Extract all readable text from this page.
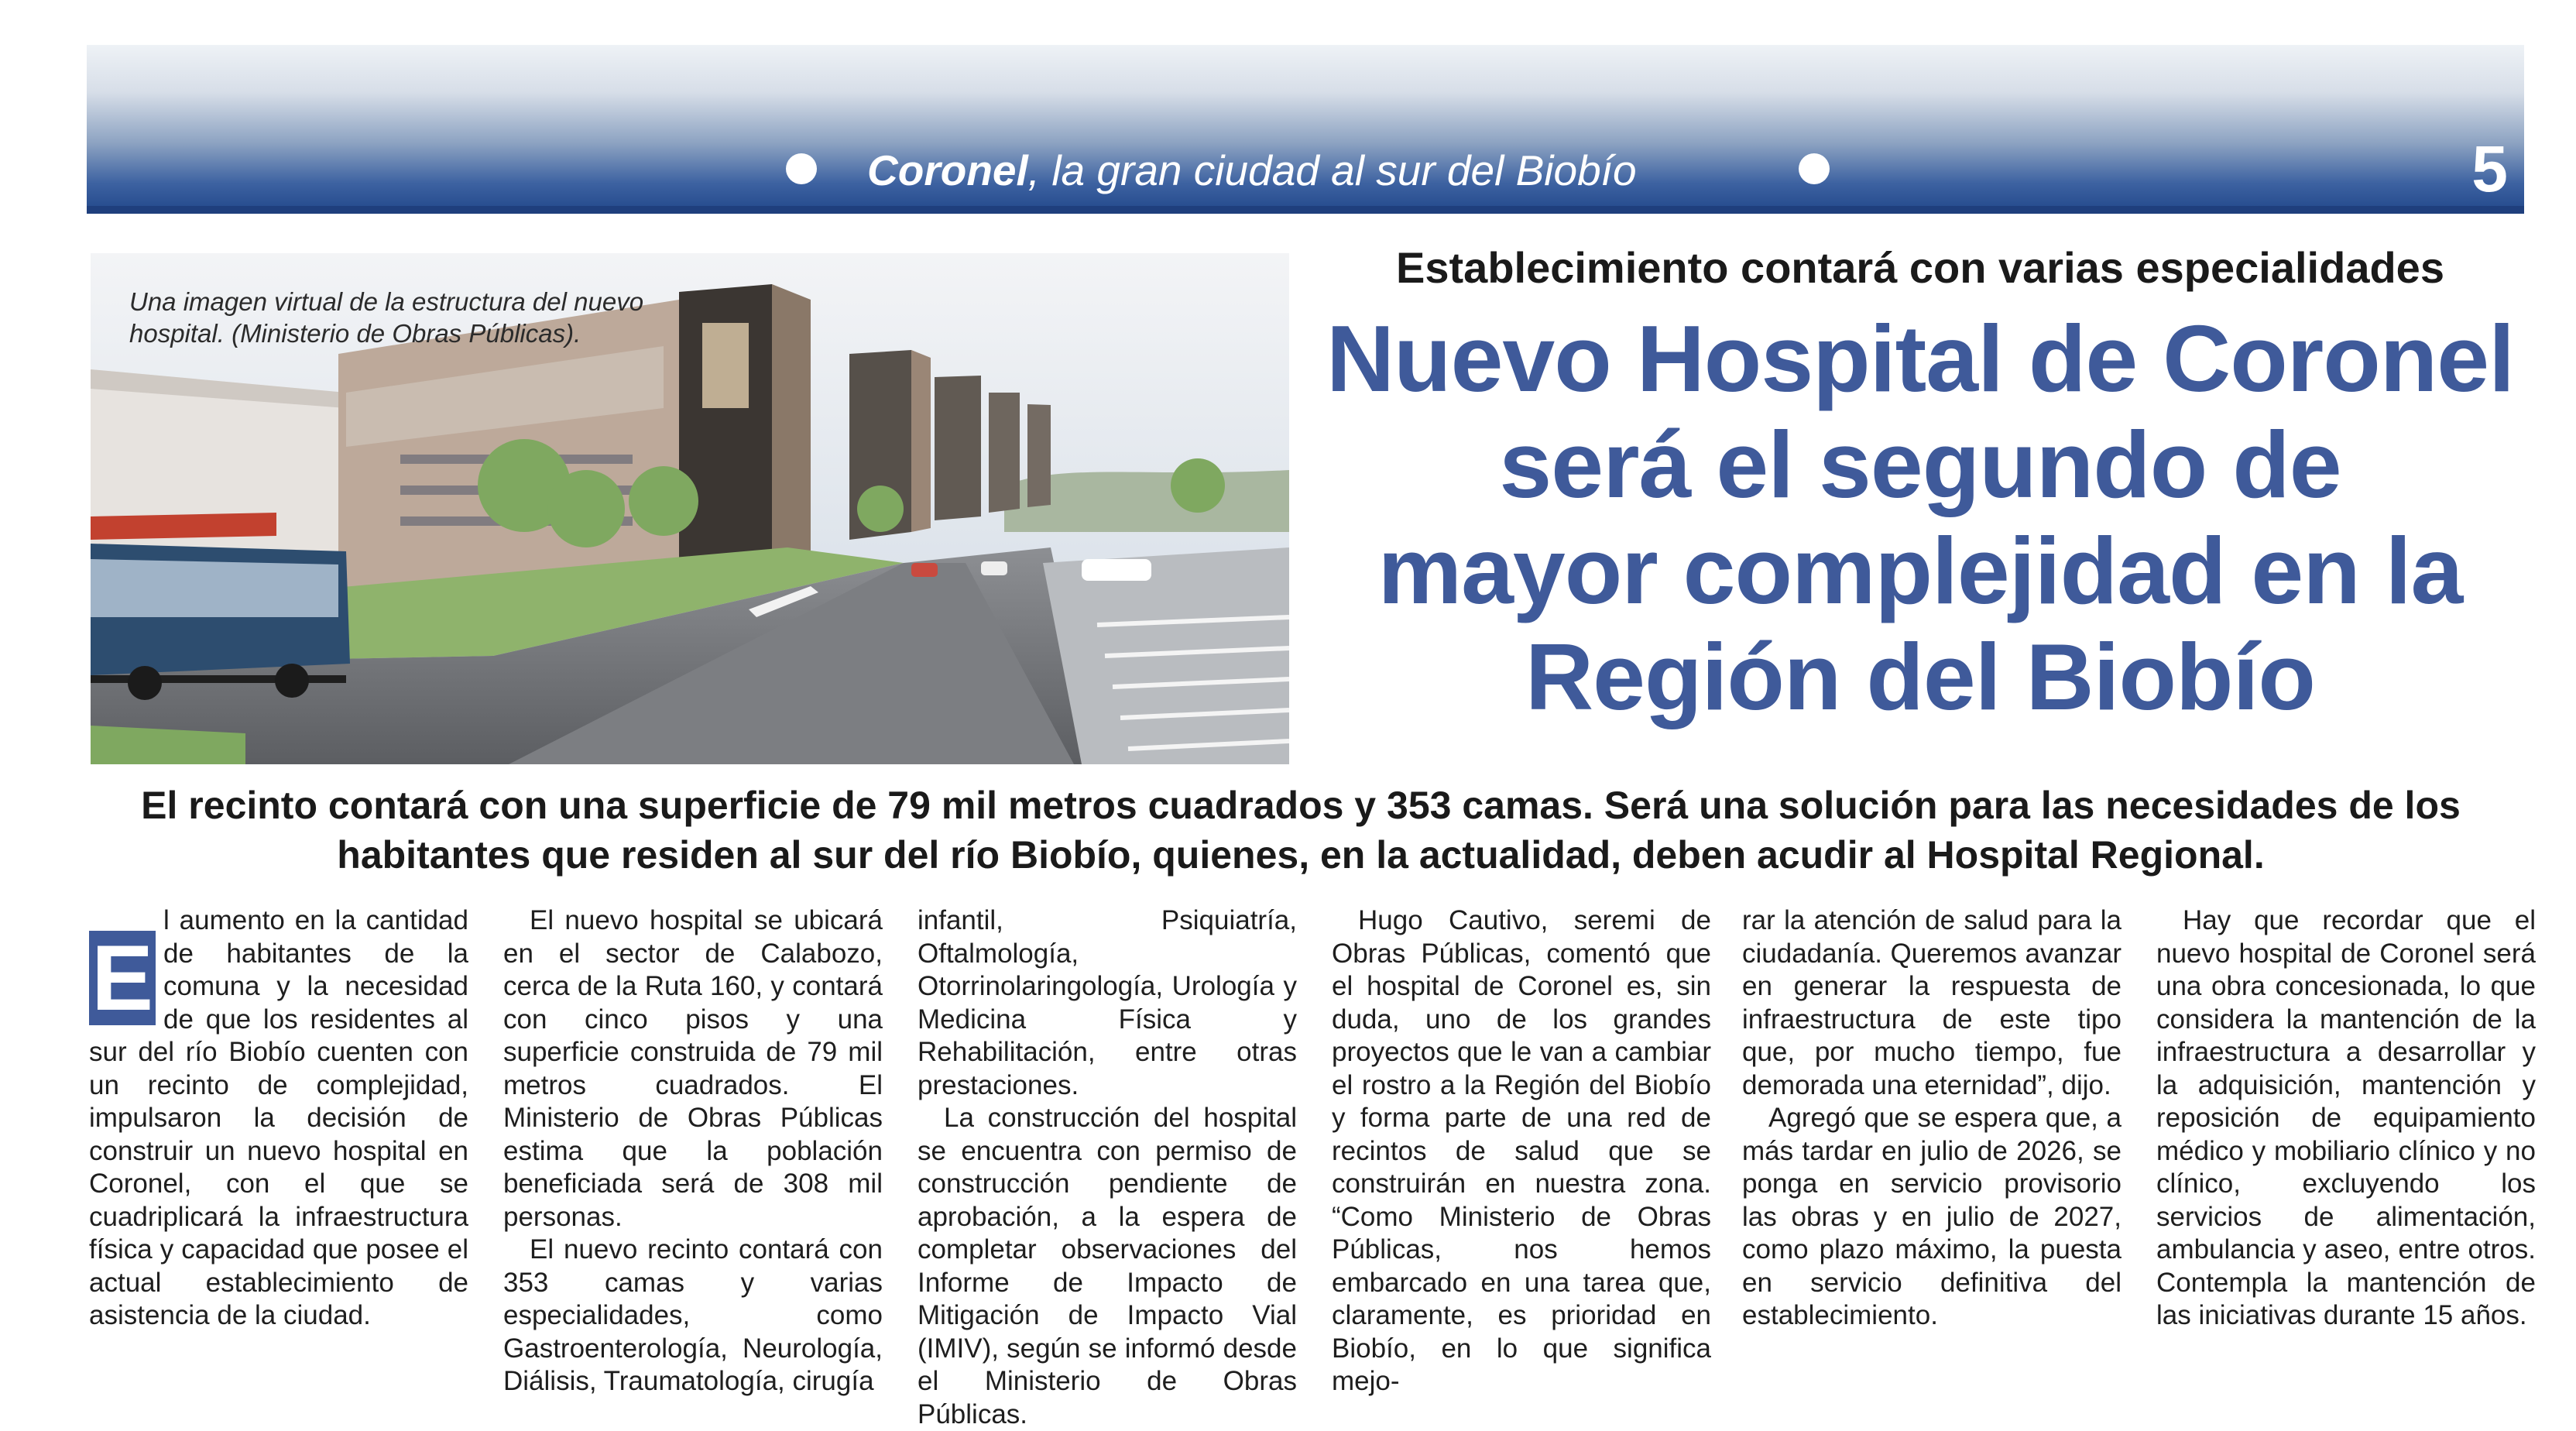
Coronel, la gran ciudad al sur del Biobío	5
Una imagen virtual de la estructura del nuevo hospital. (Ministerio de Obras Públicas).
Establecimiento contará con varias especialidades
Nuevo Hospital de Coronel
será el segundo de
mayor complejidad en la
Región del Biobío
El recinto contará con una superficie de 79 mil metros cuadrados y 353 camas. Será una solución para las necesidades de los
habitantes que residen al sur del río Biobío, quienes, en la actualidad, deben acudir al Hospital Regional.
E

l aumento en la cantidad de habitantes de la comuna y la necesidad de que los residentes al sur del río Biobío cuenten con un recinto de complejidad, impulsaron la decisión de construir un nuevo hospital en Coronel, con el que se cuadriplicará la infraestructura física y capacidad que posee el actual establecimiento de asistencia de la ciudad.

El nuevo hospital se ubicará en el sector de Calabozo, cerca de la Ruta 160, y contará con cinco pisos y una superficie construida de 79 mil metros cuadrados. El Ministerio de Obras Públicas estima que la población beneficiada será de 308 mil personas.

El nuevo recinto contará con 353 camas y varias especialidades, como Gastroenterología, Neurología, Diálisis, Traumatología, cirugía

infantil, Psiquiatría, Oftalmología, Otorrinolaringología, Urología y Medicina Física y Rehabilitación, entre otras prestaciones.

La construcción del hospital se encuentra con permiso de construcción pendiente de aprobación, a la espera de completar observaciones del Informe de Impacto de Mitigación de Impacto Vial (IMIV), según se informó desde el Ministerio de Obras Públicas.

Hugo Cautivo, seremi de Obras Públicas, comentó que el hospital de Coronel es, sin duda, uno de los grandes proyectos que le van a cambiar el rostro a la Región del Biobío y forma parte de una red de recintos de salud que se construirán en nuestra zona. “Como Ministerio de Obras Públicas, nos hemos embarcado en una tarea que, claramente, es prioridad en Biobío, en lo que significa mejo-

rar la atención de salud para la ciudadanía. Queremos avanzar en generar la respuesta de infraestructura de este tipo que, por mucho tiempo, fue demorada una eternidad”, dijo.

Agregó que se espera que, a más tardar en julio de 2026, se ponga en servicio provisorio las obras y en julio de 2027, como plazo máximo, la puesta en servicio definitiva del establecimiento.

Hay que recordar que el nuevo hospital de Coronel será una obra concesionada, lo que considera la mantención de la infraestructura a desarrollar y la adquisición, mantención y reposición de equipamiento médico y mobiliario clínico y no clínico, excluyendo los servicios de alimentación, ambulancia y aseo, entre otros. Contempla la mantención de las iniciativas durante 15 años.
